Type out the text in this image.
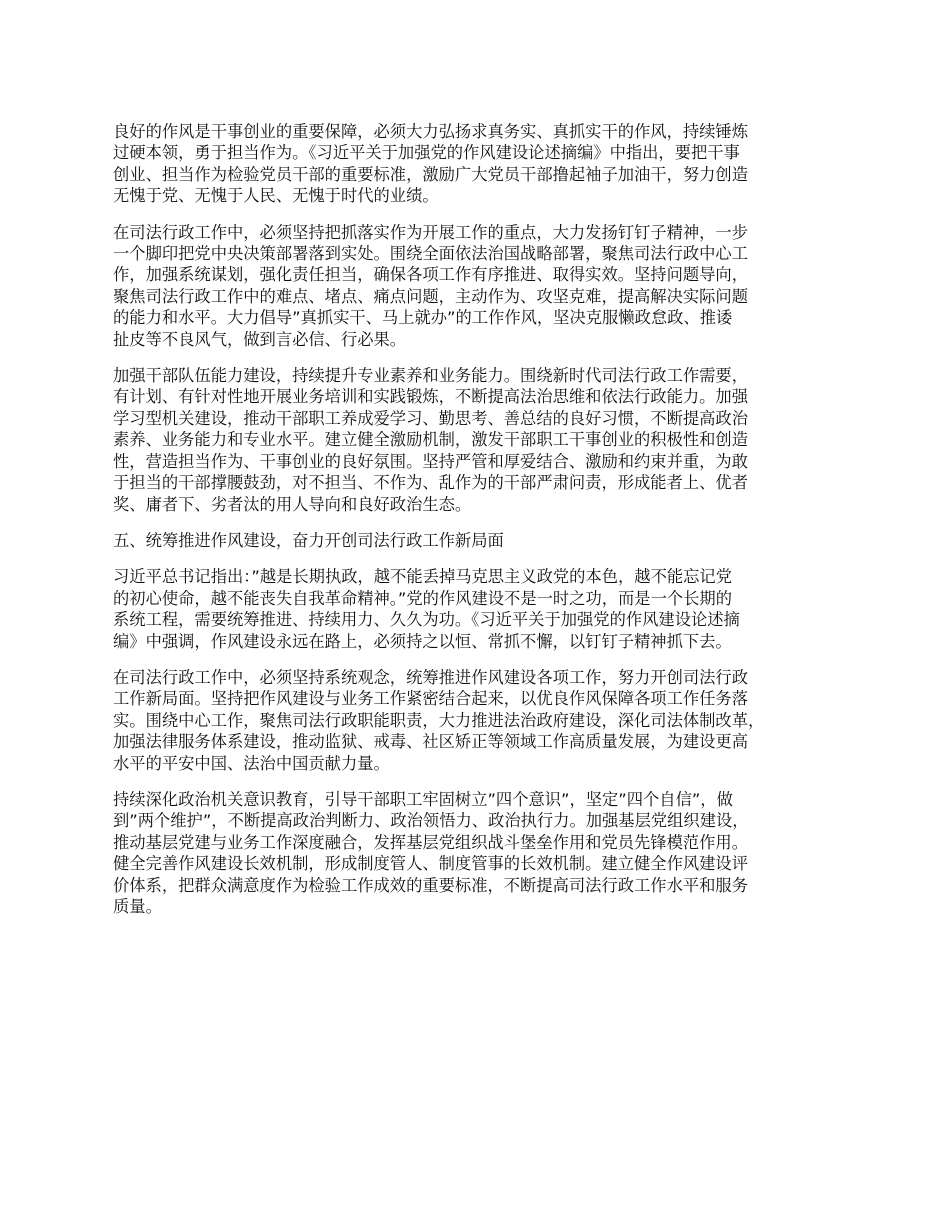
良好的作风是干事创业的重要保障，必须大力弘扬求真务实、真抓实干的作风，持续锤炼
过硬本领，勇于担当作为。《习近平关于加强党的作风建设论述摘编》中指出，要把干事
创业、担当作为检验党员干部的重要标准，激励广大党员干部撸起袖子加油干，努力创造
无愧于党、无愧于人民、无愧于时代的业绩。
在司法行政工作中，必须坚持把抓落实作为开展工作的重点，大力发扬钉钉子精神，一步
一个脚印把党中央决策部署落到实处。围绕全面依法治国战略部署，聚焦司法行政中心工
作，加强系统谋划，强化责任担当，确保各项工作有序推进、取得实效。坚持问题导向，
聚焦司法行政工作中的难点、堵点、痛点问题，主动作为、攻坚克难，提高解决实际问题
的能力和水平。大力倡导”真抓实干、马上就办”的工作作风，坚决克服懒政怠政、推诿
扯皮等不良风气，做到言必信、行必果。
加强干部队伍能力建设，持续提升专业素养和业务能力。围绕新时代司法行政工作需要，
有计划、有针对性地开展业务培训和实践锻炼，不断提高法治思维和依法行政能力。加强
学习型机关建设，推动干部职工养成爱学习、勤思考、善总结的良好习惯，不断提高政治
素养、业务能力和专业水平。建立健全激励机制，激发干部职工干事创业的积极性和创造
性，营造担当作为、干事创业的良好氛围。坚持严管和厚爱结合、激励和约束并重，为敢
于担当的干部撑腰鼓劲，对不担当、不作为、乱作为的干部严肃问责，形成能者上、优者
奖、庸者下、劣者汰的用人导向和良好政治生态。
五、统筹推进作风建设，奋力开创司法行政工作新局面
习近平总书记指出：”越是长期执政，越不能丢掉马克思主义政党的本色，越不能忘记党
的初心使命，越不能丧失自我革命精神。”党的作风建设不是一时之功，而是一个长期的
系统工程，需要统筹推进、持续用力、久久为功。《习近平关于加强党的作风建设论述摘
编》中强调，作风建设永远在路上，必须持之以恒、常抓不懈，以钉钉子精神抓下去。
在司法行政工作中，必须坚持系统观念，统筹推进作风建设各项工作，努力开创司法行政
工作新局面。坚持把作风建设与业务工作紧密结合起来，以优良作风保障各项工作任务落
实。围绕中心工作，聚焦司法行政职能职责，大力推进法治政府建设，深化司法体制改革，
加强法律服务体系建设，推动监狱、戒毒、社区矫正等领域工作高质量发展，为建设更高
水平的平安中国、法治中国贡献力量。
持续深化政治机关意识教育，引导干部职工牢固树立”四个意识”，坚定”四个自信”，做
到”两个维护”，不断提高政治判断力、政治领悟力、政治执行力。加强基层党组织建设，
推动基层党建与业务工作深度融合，发挥基层党组织战斗堡垒作用和党员先锋模范作用。
健全完善作风建设长效机制，形成制度管人、制度管事的长效机制。建立健全作风建设评
价体系，把群众满意度作为检验工作成效的重要标准，不断提高司法行政工作水平和服务
质量。
